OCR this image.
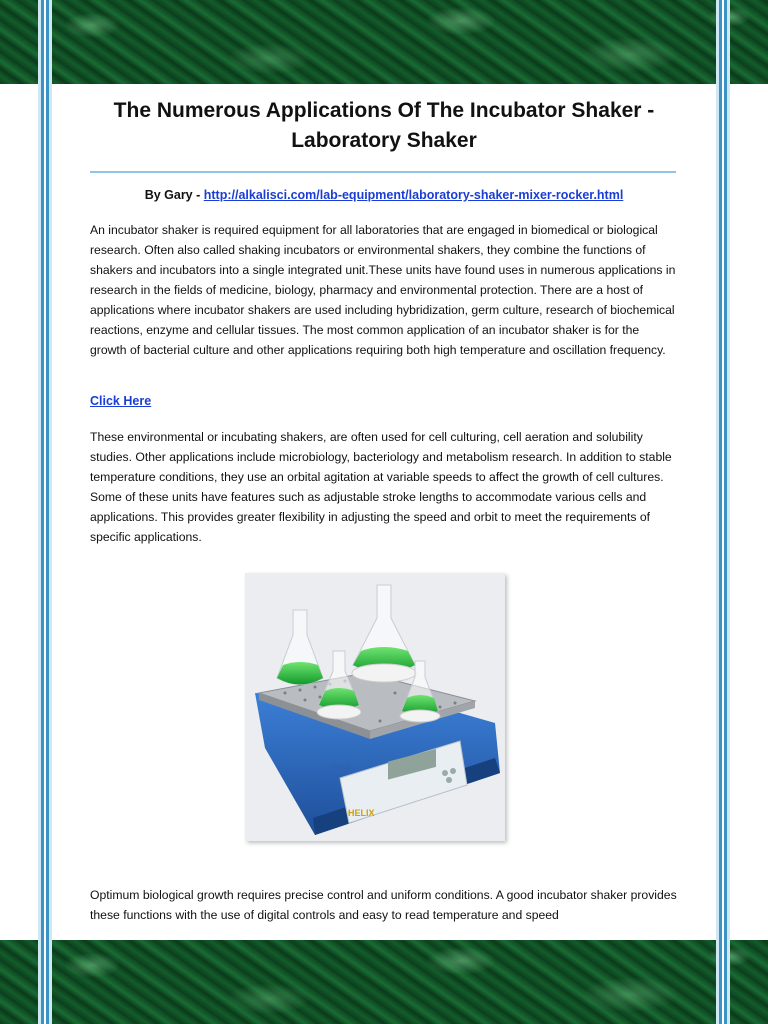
The Numerous Applications Of The Incubator Shaker -
Laboratory Shaker
By Gary - http://alkalisci.com/lab-equipment/laboratory-shaker-mixer-rocker.html

An incubator shaker is required equipment for all laboratories that are engaged in biomedical or biological research. Often also called shaking incubators or environmental shakers, they combine the functions of shakers and incubators into a single integrated unit.These units have found uses in numerous applications in research in the fields of medicine, biology, pharmacy and environmental protection. There are a host of applications where incubator shakers are used including hybridization, germ culture, research of biochemical reactions, enzyme and cellular tissues. The most common application of an incubator shaker is for the growth of bacterial culture and other applications requiring both high temperature and oscillation frequency.

Click Here

These environmental or incubating shakers, are often used for cell culturing, cell aeration and solubility studies. Other applications include microbiology, bacteriology and metabolism research. In addition to stable temperature conditions, they use an orbital agitation at variable speeds to affect the growth of cell cultures. Some of these units have features such as adjustable stroke lengths to accommodate various cells and applications. This provides greater flexibility in adjusting the speed and orbit to meet the requirements of specific applications.

HELIX
Ohaus

Optimum biological growth requires precise control and uniform conditions. A good incubator shaker provides these functions with the use of digital controls and easy to read temperature and speed
